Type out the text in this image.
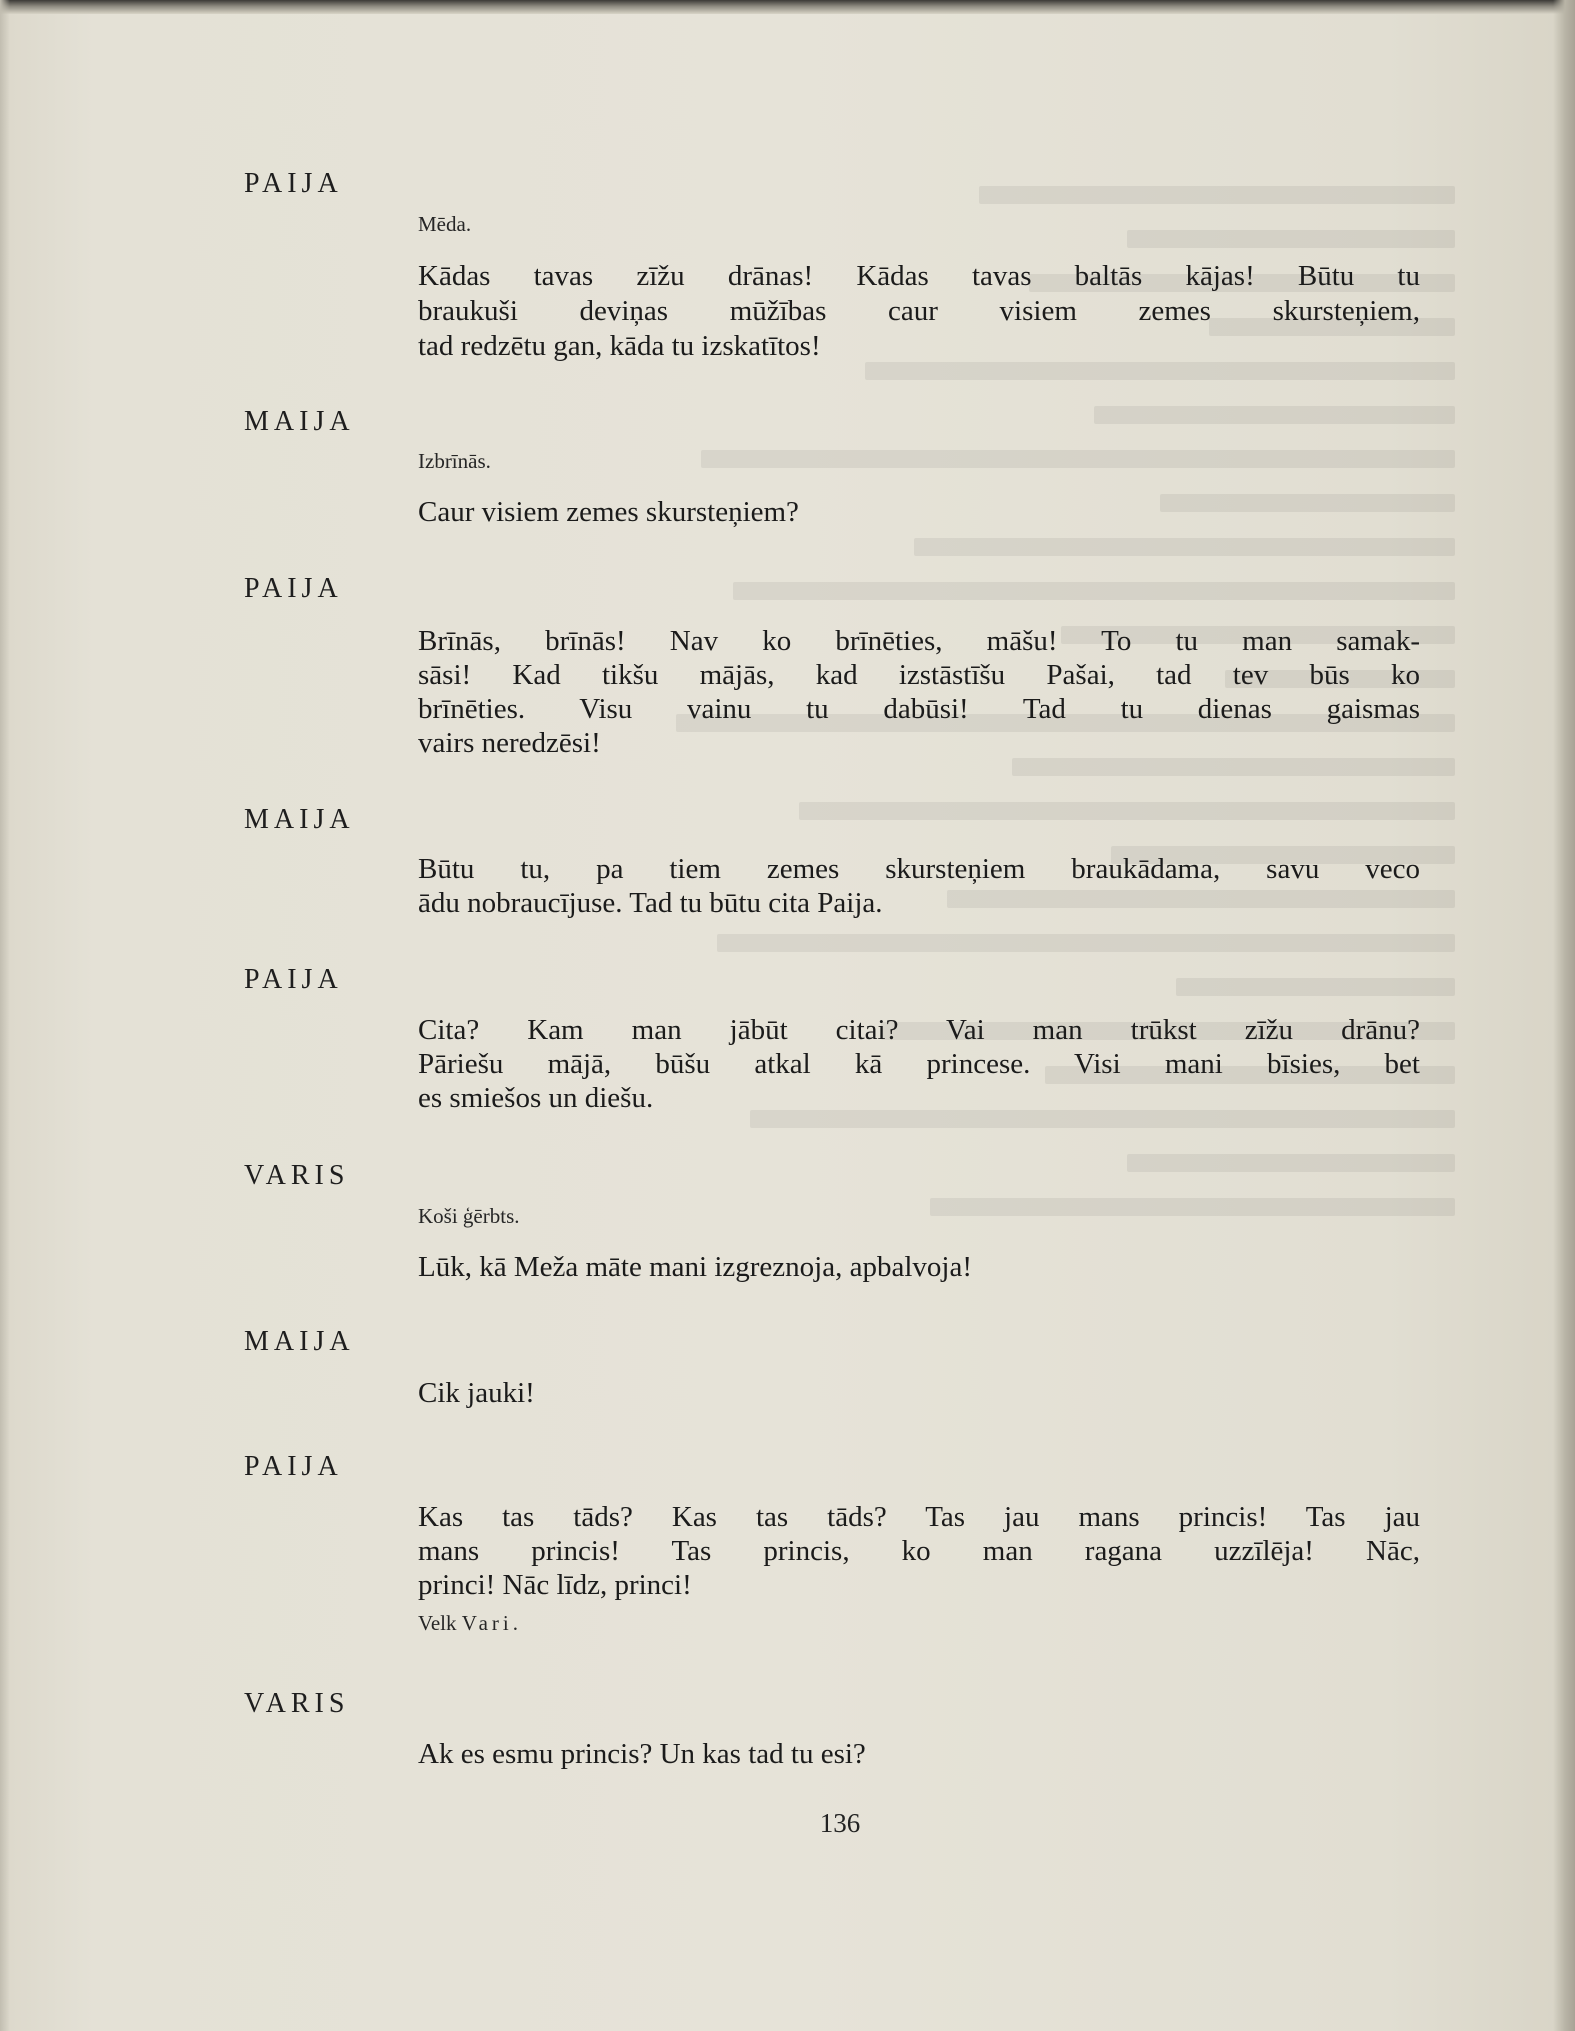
PAIJA
Mēda.
Kādas tavas zīžu drānas! Kādas tavas baltās kājas! Būtu tu
braukuši deviņas mūžības caur visiem zemes skursteņiem,
tad redzētu gan, kāda tu izskatītos!
MAIJA
Izbrīnās.
Caur visiem zemes skursteņiem?
PAIJA
Brīnās, brīnās! Nav ko brīnēties, māšu! To tu man samak-
sāsi! Kad tikšu mājās, kad izstāstīšu Pašai, tad tev būs ko
brīnēties. Visu vainu tu dabūsi! Tad tu dienas gaismas
vairs neredzēsi!
MAIJA
Būtu tu, pa tiem zemes skursteņiem braukādama, savu veco
ādu nobraucījuse. Tad tu būtu cita Paija.
PAIJA
Cita? Kam man jābūt citai? Vai man trūkst zīžu drānu?
Pāriešu mājā, būšu atkal kā princese. Visi mani bīsies, bet
es smiešos un diešu.
VARIS
Koši ģērbts.
Lūk, kā Meža māte mani izgreznoja, apbalvoja!
MAIJA
Cik jauki!
PAIJA
Kas tas tāds? Kas tas tāds? Tas jau mans princis! Tas jau
mans princis! Tas princis, ko man ragana uzzīlēja! Nāc,
princi! Nāc līdz, princi!
Velk Vari.
VARIS
Ak es esmu princis? Un kas tad tu esi?
136
